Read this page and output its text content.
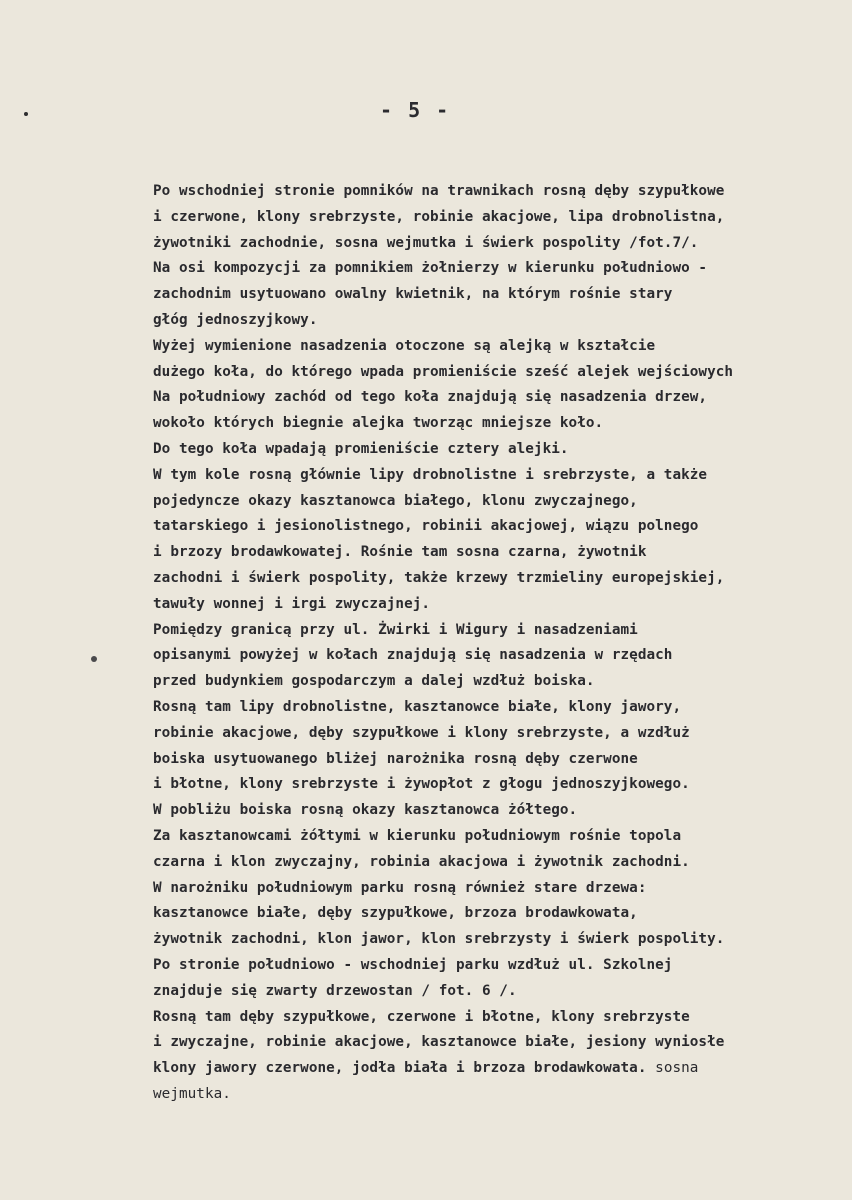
- 5 -
Po wschodniej stronie pomników na trawnikach rosną dęby szypułkowe
i czerwone, klony srebrzyste, robinie akacjowe, lipa drobnolistna,
żywotniki zachodnie, sosna wejmutka i świerk pospolity /fot.7/.
Na osi kompozycji za pomnikiem żołnierzy w kierunku południowo -
zachodnim usytuowano owalny kwietnik, na którym rośnie stary
głóg jednoszyjkowy.
Wyżej wymienione nasadzenia otoczone są alejką w kształcie
dużego koła, do którego wpada promieniście sześć alejek wejściowych
Na południowy zachód od tego koła znajdują się nasadzenia drzew,
wokoło których biegnie alejka tworząc mniejsze koło.
Do tego koła wpadają promieniście cztery alejki.
W tym kole rosną głównie lipy drobnolistne i srebrzyste, a także
pojedyncze okazy kasztanowca białego, klonu zwyczajnego,
tatarskiego i jesionolistnego, robinii akacjowej, wiązu polnego
i brzozy brodawkowatej. Rośnie tam sosna czarna, żywotnik
zachodni i świerk pospolity, także krzewy trzmieliny europejskiej,
tawuły wonnej i irgi zwyczajnej.
Pomiędzy granicą przy ul. Żwirki i Wigury i nasadzeniami
opisanymi powyżej w kołach znajdują się nasadzenia w rzędach
przed budynkiem gospodarczym a dalej wzdłuż boiska.
Rosną tam lipy drobnolistne, kasztanowce białe, klony jawory,
robinie akacjowe, dęby szypułkowe i klony srebrzyste, a wzdłuż
boiska usytuowanego bliżej narożnika rosną dęby czerwone
i błotne, klony srebrzyste i żywopłot z głogu jednoszyjkowego.
W pobliżu boiska rosną okazy kasztanowca żółtego.
Za kasztanowcami żółtymi w kierunku południowym rośnie topola
czarna i klon zwyczajny, robinia akacjowa i żywotnik zachodni.
W narożniku południowym parku rosną również stare drzewa:
kasztanowce białe, dęby szypułkowe, brzoza brodawkowata,
żywotnik zachodni, klon jawor, klon srebrzysty i świerk pospolity.
Po stronie południowo - wschodniej parku wzdłuż ul. Szkolnej
znajduje się zwarty drzewostan / fot. 6 /.
Rosną tam dęby szypułkowe, czerwone i błotne, klony srebrzyste
i zwyczajne, robinie akacjowe, kasztanowce białe, jesiony wyniosłe
klony jawory czerwone, jodła biała i brzoza brodawkowata. sosna
wejmutka.
